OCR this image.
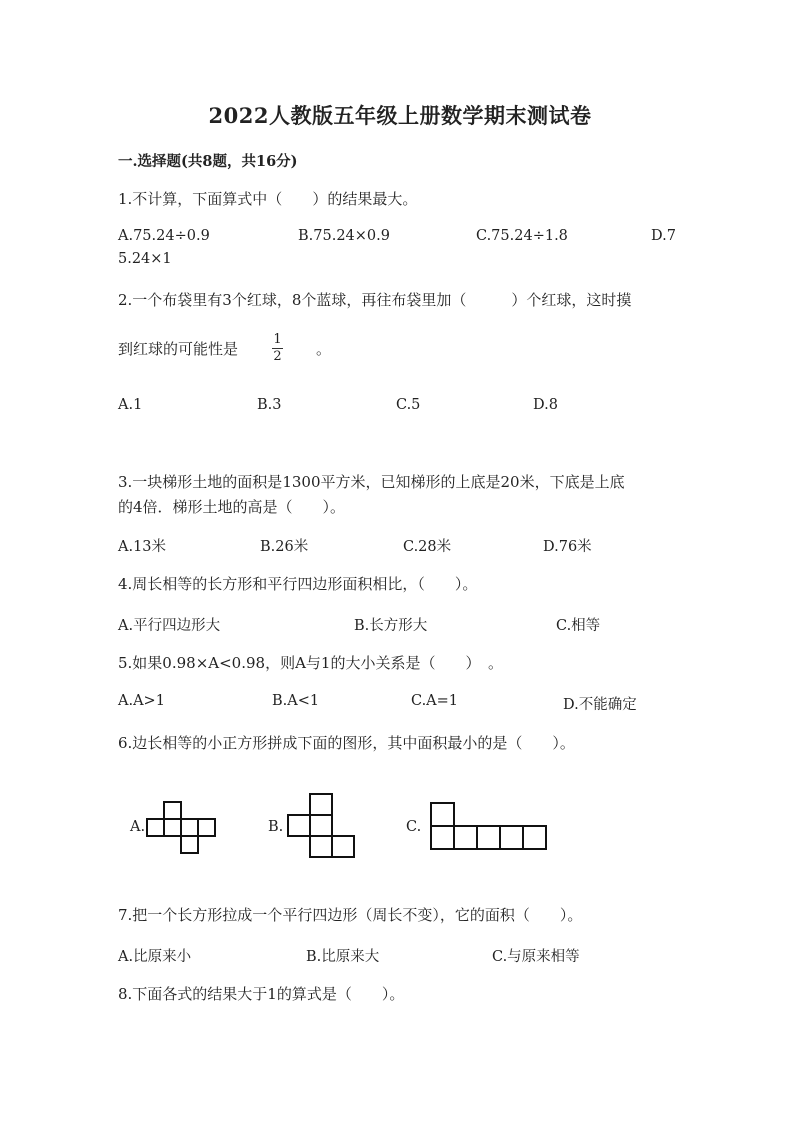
2022人教版五年级上册数学期末测试卷
一.选择题(共8题，共16分)
1.不计算，下面算式中（　　）的结果最大。
A.75.24÷0.9	B.75.24×0.9	C.75.24÷1.8	D.7
5.24×1
2.一个布袋里有3个红球，8个蓝球，再往布袋里加（　　　）个红球，这时摸
到红球的可能性是
1
2 。
A.1	B.3	C.5	D.8
3.一块梯形土地的面积是1300平方米，已知梯形的上底是20米，下底是上底
的4倍．梯形土地的高是（　　）。
A.13米	B.26米	C.28米	D.76米
4.周长相等的长方形和平行四边形面积相比，（　　）。
A.平行四边形大	B.长方形大	C.相等
5.如果0.98×A<0.98，则A与1的大小关系是（　　）　。
A.A>1	B.A<1	C.A=1	D.不能确定
6.边长相等的小正方形拼成下面的图形，其中面积最小的是（　　）。
A.	B.	C.
7.把一个长方形拉成一个平行四边形（周长不变），它的面积（　　）。
A.比原来小	B.比原来大	C.与原来相等
8.下面各式的结果大于1的算式是（　　）。
